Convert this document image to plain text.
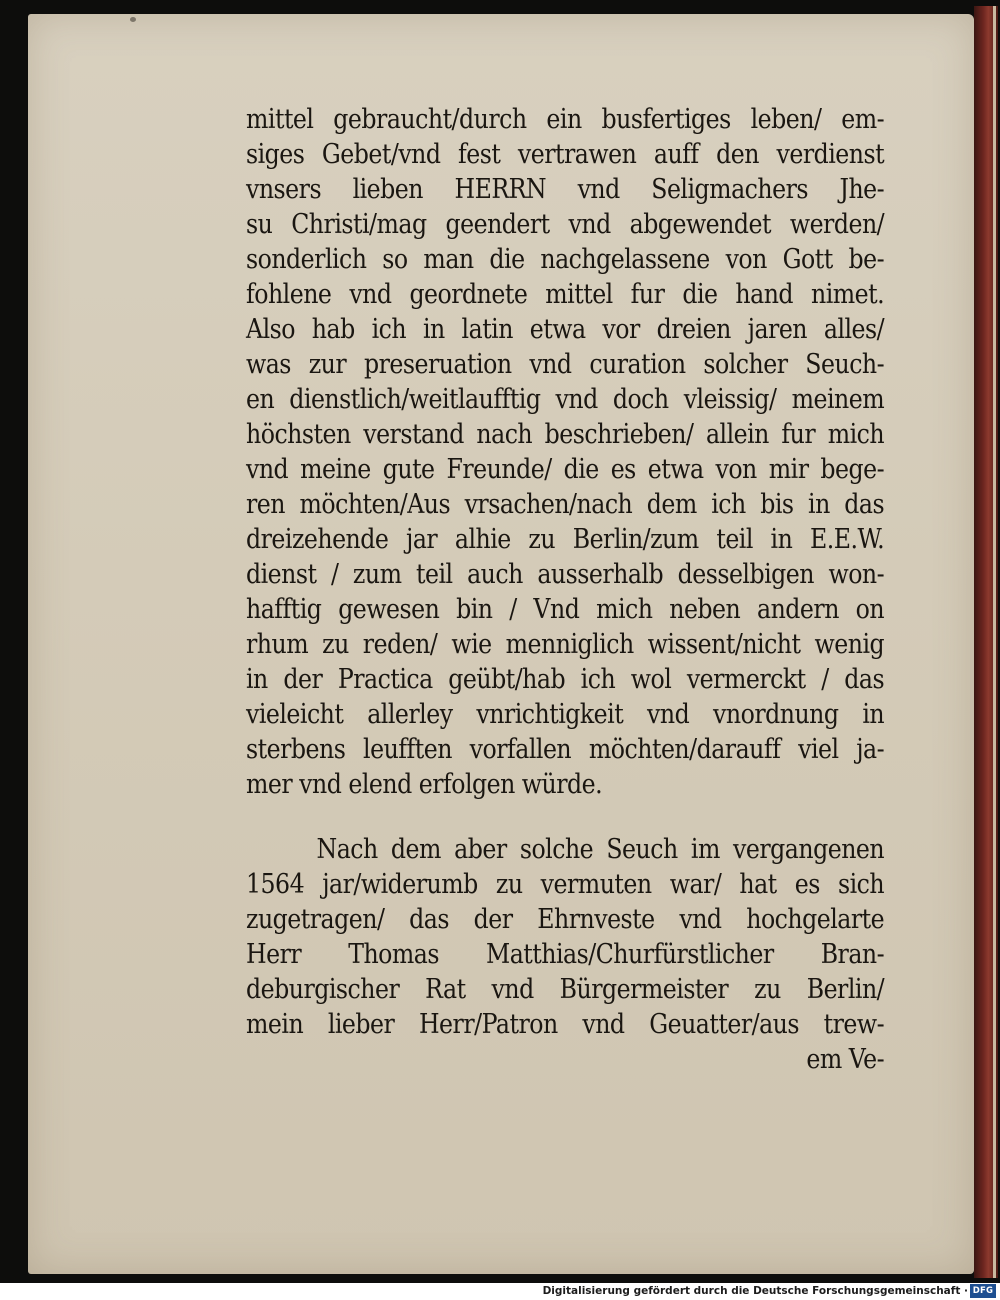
mittel gebraucht/durch ein busfertiges leben/ em-
siges Gebet/vnd fest vertrawen auff den verdienst
vnsers lieben HERRN vnd Seligmachers Jhe-
su Christi/mag geendert vnd abgewendet werden/
sonderlich so man die nachgelassene von Gott be-
fohlene vnd geordnete mittel fur die hand nimet.
Also hab ich in latin etwa vor dreien jaren alles/
was zur preseruation vnd curation solcher Seuch-
en dienstlich/weitlaufftig vnd doch vleissig/ meinem
höchsten verstand nach beschrieben/ allein fur mich
vnd meine gute Freunde/ die es etwa von mir bege-
ren möchten/Aus vrsachen/nach dem ich bis in das
dreizehende jar alhie zu Berlin/zum teil in E.E.W.
dienst / zum teil auch ausserhalb desselbigen won-
hafftig gewesen bin / Vnd mich neben andern on
rhum zu reden/ wie menniglich wissent/nicht wenig
in der Practica geübt/hab ich wol vermerckt / das
vieleicht allerley vnrichtigkeit vnd vnordnung in
sterbens leufften vorfallen möchten/darauff viel ja-
mer vnd elend erfolgen würde.
Nach dem aber solche Seuch im vergangenen
1564 jar/widerumb zu vermuten war/ hat es sich
zugetragen/ das der Ehrnveste vnd hochgelarte
Herr Thomas Matthias/Churfürstlicher Bran-
deburgischer Rat vnd Bürgermeister zu Berlin/
mein lieber Herr/Patron vnd Geuatter/aus trew-
em Ve-
Digitalisierung gefördert durch die Deutsche Forschungsgemeinschaft · DFG
